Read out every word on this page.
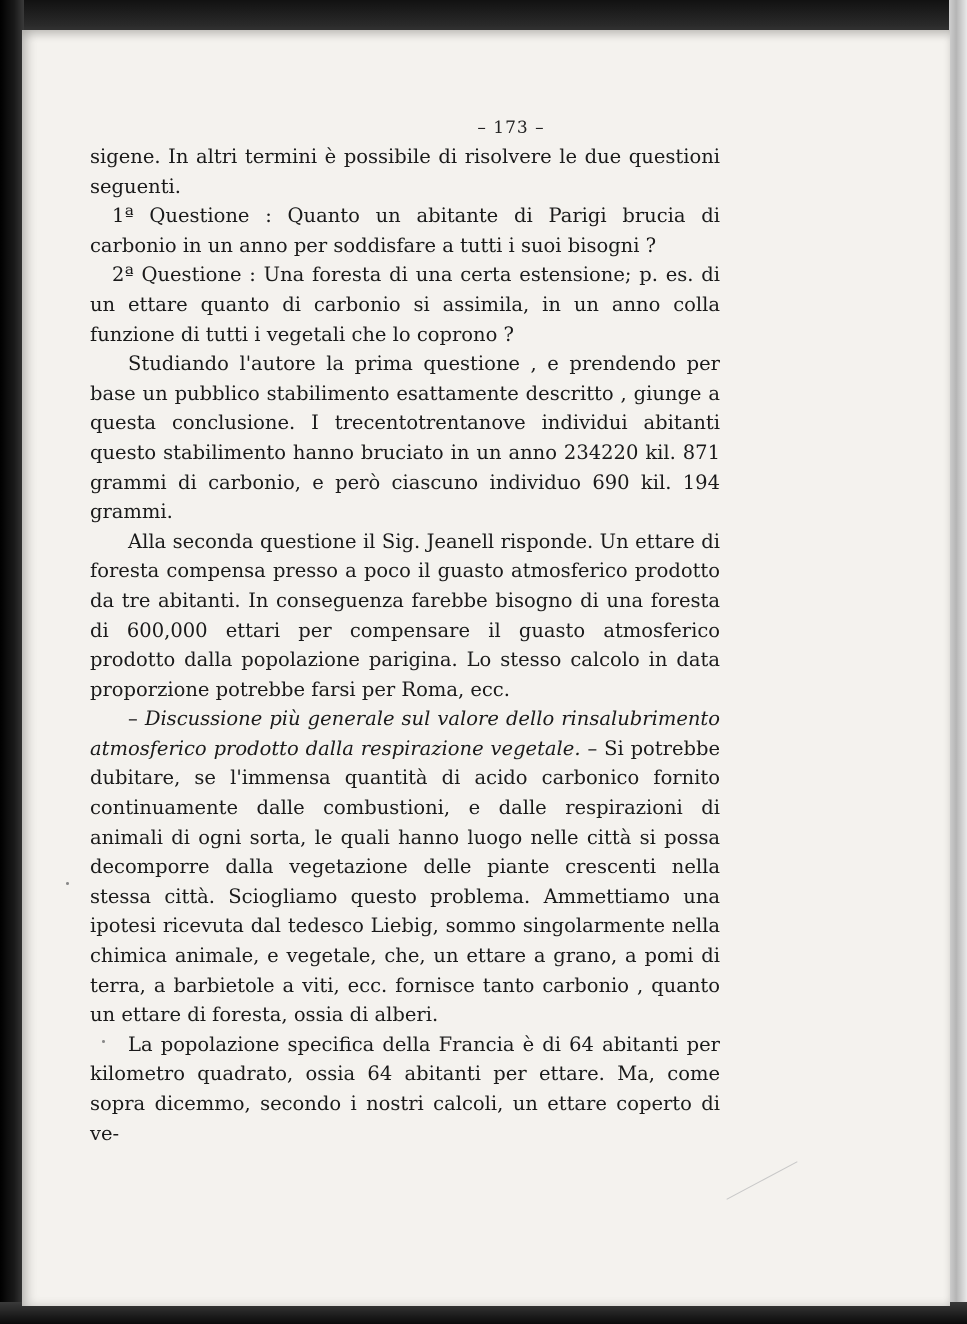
– 173 –

sigene. In altri termini è possibile di risolvere le due questioni seguenti.

1ª Questione : Quanto un abitante di Parigi brucia di carbonio in un anno per soddisfare a tutti i suoi bisogni ?

2ª Questione : Una foresta di una certa estensione; p. es. di un ettare quanto di carbonio si assimila, in un anno colla funzione di tutti i vegetali che lo coprono ?

Studiando l'autore la prima questione , e prendendo per base un pubblico stabilimento esattamente descritto , giunge a questa conclusione. I trecentotrentanove individui abitanti questo stabilimento hanno bruciato in un anno 234220 kil. 871 grammi di carbonio, e però ciascuno individuo 690 kil. 194 grammi.

Alla seconda questione il Sig. Jeanell risponde. Un ettare di foresta compensa presso a poco il guasto atmosferico prodotto da tre abitanti. In conseguenza farebbe bisogno di una foresta di 600,000 ettari per compensare il guasto atmosferico prodotto dalla popolazione parigina. Lo stesso calcolo in data proporzione potrebbe farsi per Roma, ecc.

– Discussione più generale sul valore dello rinsalubrimento atmosferico prodotto dalla respirazione vegetale. – Si potrebbe dubitare, se l'immensa quantità di acido carbonico fornito continuamente dalle combustioni, e dalle respirazioni di animali di ogni sorta, le quali hanno luogo nelle città si possa decomporre dalla vegetazione delle piante crescenti nella stessa città. Sciogliamo questo problema. Ammettiamo una ipotesi ricevuta dal tedesco Liebig, sommo singolarmente nella chimica animale, e vegetale, che, un ettare a grano, a pomi di terra, a barbietole a viti, ecc. fornisce tanto carbonio , quanto un ettare di foresta, ossia di alberi.

La popolazione specifica della Francia è di 64 abitanti per kilometro quadrato, ossia 64 abitanti per ettare. Ma, come sopra dicemmo, secondo i nostri calcoli, un ettare coperto di ve-
